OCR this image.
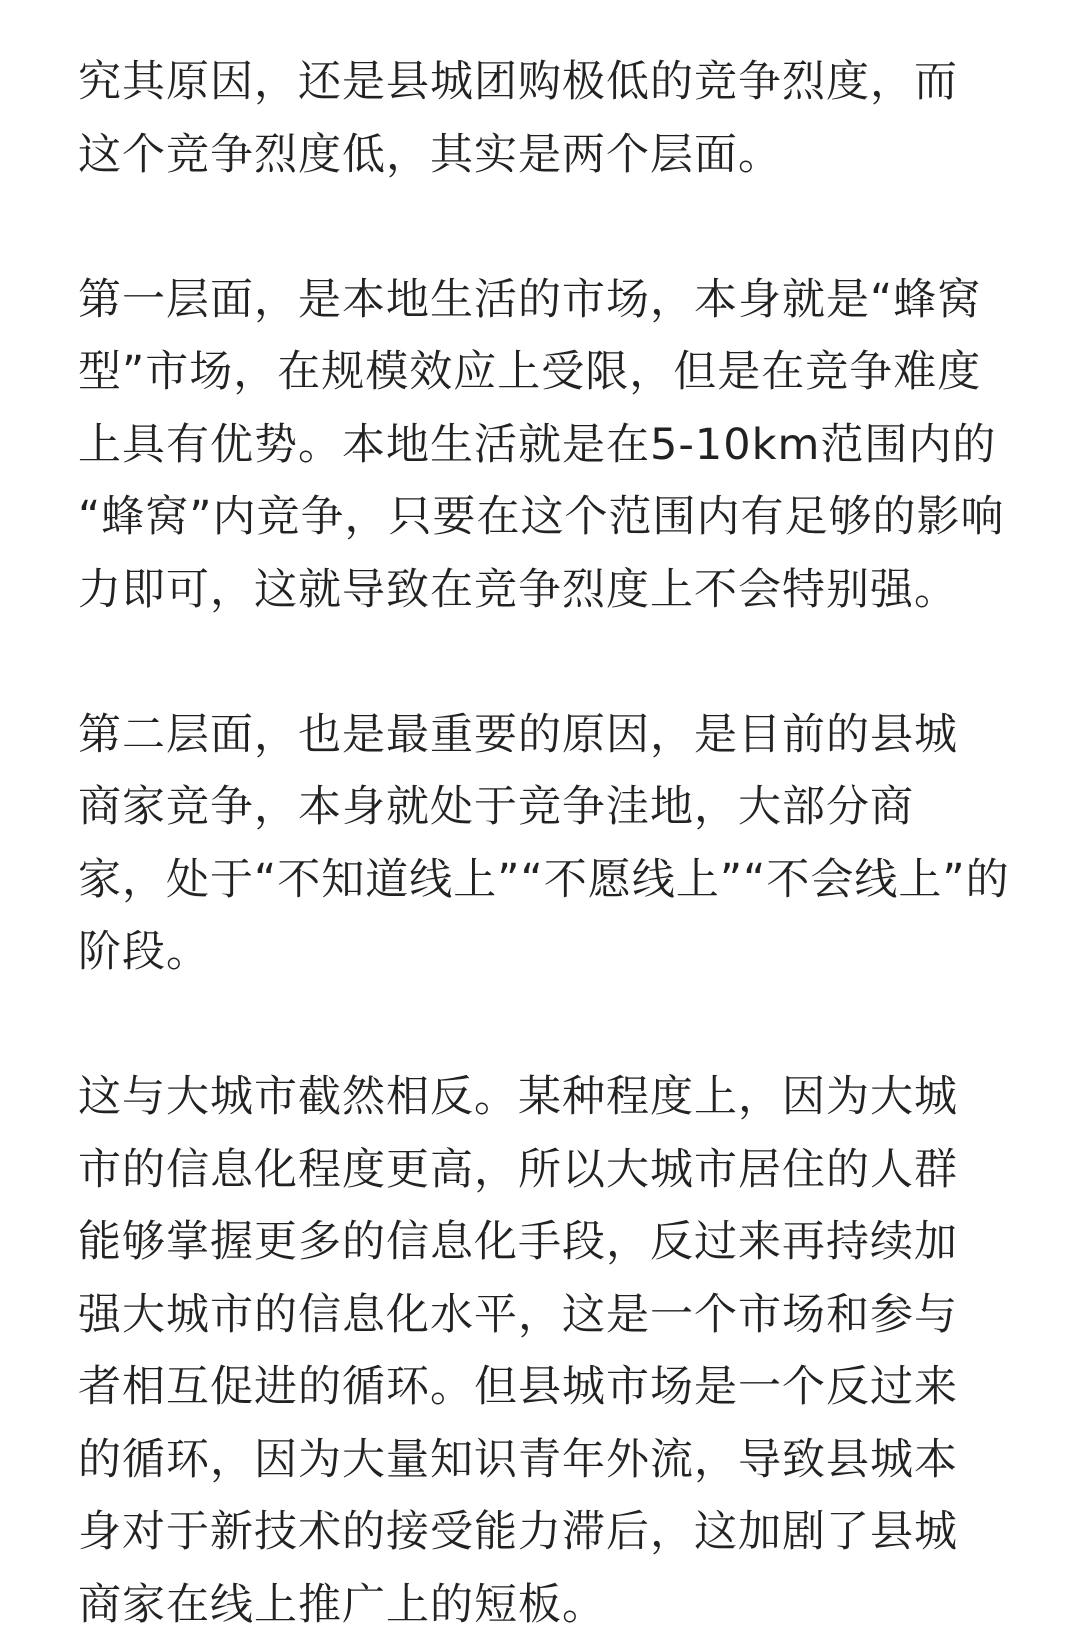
究其原因，还是县城团购极低的竞争烈度，而
这个竞争烈度低，其实是两个层面。
第一层面，是本地生活的市场，本身就是“蜂窝
型”市场，在规模效应上受限，但是在竞争难度
上具有优势。本地生活就是在5-10km范围内的
“蜂窝”内竞争，只要在这个范围内有足够的影响
力即可，这就导致在竞争烈度上不会特别强。
第二层面，也是最重要的原因，是目前的县城
商家竞争，本身就处于竞争洼地，大部分商
家，处于“不知道线上”“不愿线上”“不会线上”的
阶段。
这与大城市截然相反。某种程度上，因为大城
市的信息化程度更高，所以大城市居住的人群
能够掌握更多的信息化手段，反过来再持续加
强大城市的信息化水平，这是一个市场和参与
者相互促进的循环。但县城市场是一个反过来
的循环，因为大量知识青年外流，导致县城本
身对于新技术的接受能力滞后，这加剧了县城
商家在线上推广上的短板。
